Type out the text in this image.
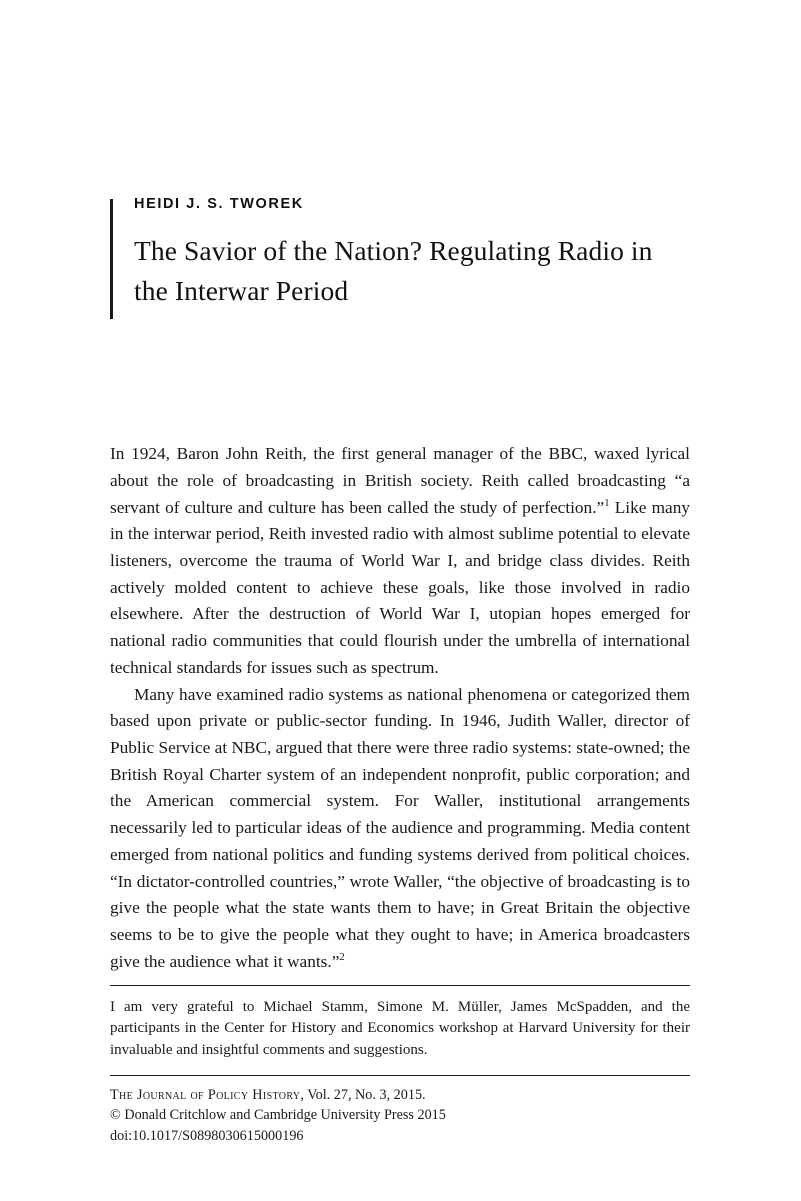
HEIDI J. S. TWOREK
The Savior of the Nation? Regulating Radio in the Interwar Period

In 1924, Baron John Reith, the first general manager of the BBC, waxed lyrical about the role of broadcasting in British society. Reith called broadcasting “a servant of culture and culture has been called the study of perfection.”$^1$ Like many in the interwar period, Reith invested radio with almost sublime potential to elevate listeners, overcome the trauma of World War I, and bridge class divides. Reith actively molded content to achieve these goals, like those involved in radio elsewhere. After the destruction of World War I, utopian hopes emerged for national radio communities that could flourish under the umbrella of international technical standards for issues such as spectrum.

Many have examined radio systems as national phenomena or categorized them based upon private or public-sector funding. In 1946, Judith Waller, director of Public Service at NBC, argued that there were three radio systems: state-owned; the British Royal Charter system of an independent nonprofit, public corporation; and the American commercial system. For Waller, institutional arrangements necessarily led to particular ideas of the audience and programming. Media content emerged from national politics and funding systems derived from political choices. “In dictator-controlled countries,” wrote Waller, “the objective of broadcasting is to give the people what the state wants them to have; in Great Britain the objective seems to be to give the people what they ought to have; in America broadcasters give the audience what it wants.”$^2$

I am very grateful to Michael Stamm, Simone M. Müller, James McSpadden, and the participants in the Center for History and Economics workshop at Harvard University for their invaluable and insightful comments and suggestions.

The Journal of Policy History, Vol. 27, No. 3, 2015.
© Donald Critchlow and Cambridge University Press 2015
doi:10.1017/S0898030615000196
